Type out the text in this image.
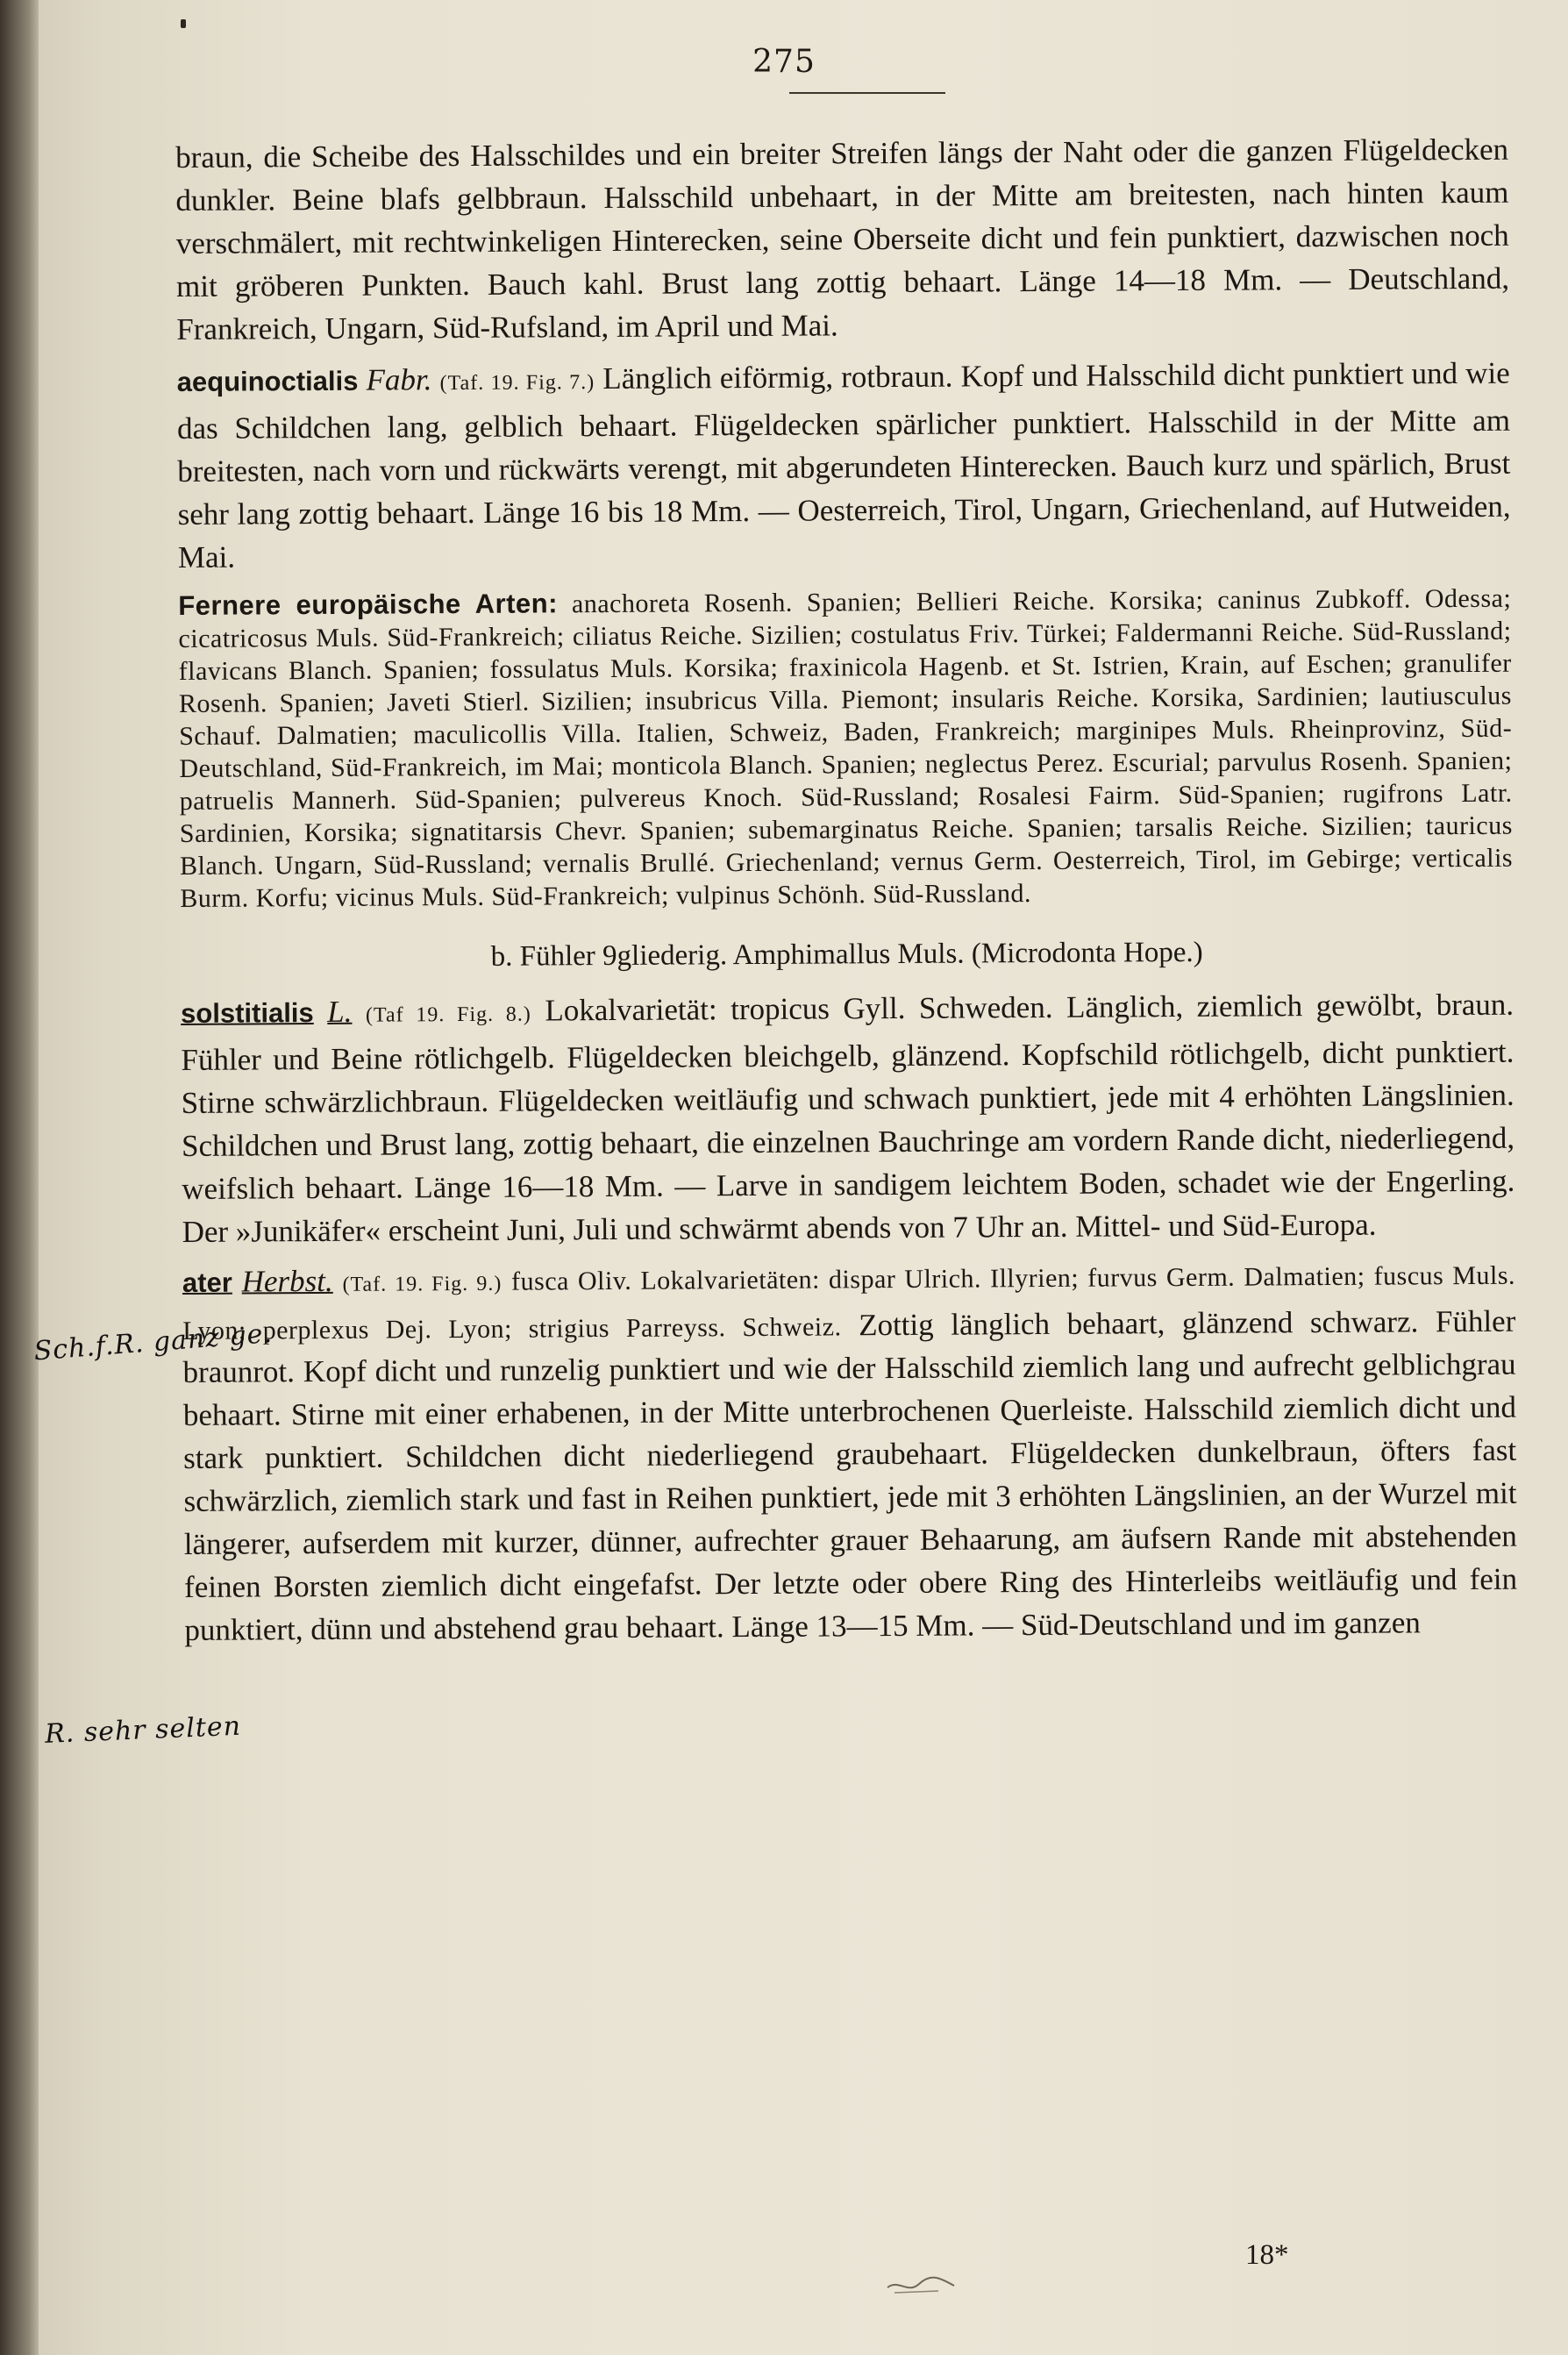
275

braun, die Scheibe des Halsschildes und ein breiter Streifen längs der Naht oder die ganzen Flügeldecken dunkler. Beine blafs gelbbraun. Halsschild unbehaart, in der Mitte am breitesten, nach hinten kaum verschmälert, mit rechtwinkeligen Hinterecken, seine Oberseite dicht und fein punktiert, dazwischen noch mit gröberen Punkten. Bauch kahl. Brust lang zottig behaart. Länge 14—18 Mm. — Deutschland, Frankreich, Ungarn, Süd-Rufsland, im April und Mai.

aequinoctialis Fabr. (Taf. 19. Fig. 7.) Länglich eiförmig, rotbraun. Kopf und Halsschild dicht punktiert und wie das Schildchen lang, gelblich behaart. Flügeldecken spärlicher punktiert. Halsschild in der Mitte am breitesten, nach vorn und rückwärts verengt, mit abgerundeten Hinterecken. Bauch kurz und spärlich, Brust sehr lang zottig behaart. Länge 16 bis 18 Mm. — Oesterreich, Tirol, Ungarn, Griechenland, auf Hutweiden, Mai.

Fernere europäische Arten: anachoreta Rosenh. Spanien; Bellieri Reiche. Korsika; caninus Zubkoff. Odessa; cicatricosus Muls. Süd-Frankreich; ciliatus Reiche. Sizilien; costulatus Friv. Türkei; Faldermanni Reiche. Süd-Russland; flavicans Blanch. Spanien; fossulatus Muls. Korsika; fraxinicola Hagenb. et St. Istrien, Krain, auf Eschen; granulifer Rosenh. Spanien; Javeti Stierl. Sizilien; insubricus Villa. Piemont; insularis Reiche. Korsika, Sardinien; lautiusculus Schauf. Dalmatien; maculicollis Villa. Italien, Schweiz, Baden, Frankreich; marginipes Muls. Rheinprovinz, Süd-Deutschland, Süd-Frankreich, im Mai; monticola Blanch. Spanien; neglectus Perez. Escurial; parvulus Rosenh. Spanien; patruelis Mannerh. Süd-Spanien; pulvereus Knoch. Süd-Russland; Rosalesi Fairm. Süd-Spanien; rugifrons Latr. Sardinien, Korsika; signatitarsis Chevr. Spanien; subemarginatus Reiche. Spanien; tarsalis Reiche. Sizilien; tauricus Blanch. Ungarn, Süd-Russland; vernalis Brullé. Griechenland; vernus Germ. Oesterreich, Tirol, im Gebirge; verticalis Burm. Korfu; vicinus Muls. Süd-Frankreich; vulpinus Schönh. Süd-Russland.

b. Fühler 9gliederig. Amphimallus Muls. (Microdonta Hope.)

solstitialis L. (Taf 19. Fig. 8.) Lokalvarietät: tropicus Gyll. Schweden. Länglich, ziemlich gewölbt, braun. Fühler und Beine rötlichgelb. Flügeldecken bleichgelb, glänzend. Kopfschild rötlichgelb, dicht punktiert. Stirne schwärzlichbraun. Flügeldecken weitläufig und schwach punktiert, jede mit 4 erhöhten Längslinien. Schildchen und Brust lang, zottig behaart, die einzelnen Bauchringe am vordern Rande dicht, niederliegend, weifslich behaart. Länge 16—18 Mm. — Larve in sandigem leichtem Boden, schadet wie der Engerling. Der »Junikäfer« erscheint Juni, Juli und schwärmt abends von 7 Uhr an. Mittel- und Süd-Europa.

ater Herbst. (Taf. 19. Fig. 9.) fusca Oliv. Lokalvarietäten: dispar Ulrich. Illyrien; furvus Germ. Dalmatien; fuscus Muls. Lyon; perplexus Dej. Lyon; strigius Parreyss. Schweiz. Zottig länglich behaart, glänzend schwarz. Fühler braunrot. Kopf dicht und runzelig punktiert und wie der Halsschild ziemlich lang und aufrecht gelblichgrau behaart. Stirne mit einer erhabenen, in der Mitte unterbrochenen Querleiste. Halsschild ziemlich dicht und stark punktiert. Schildchen dicht niederliegend graubehaart. Flügeldecken dunkelbraun, öfters fast schwärzlich, ziemlich stark und fast in Reihen punktiert, jede mit 3 erhöhten Längslinien, an der Wurzel mit längerer, aufserdem mit kurzer, dünner, aufrechter grauer Behaarung, am äufsern Rande mit abstehenden feinen Borsten ziemlich dicht eingefafst. Der letzte oder obere Ring des Hinterleibs weitläufig und fein punktiert, dünn und abstehend grau behaart. Länge 13—15 Mm. — Süd-Deutschland und im ganzen

Sch.f.R. ganz ge.
R. sehr selten
18*
